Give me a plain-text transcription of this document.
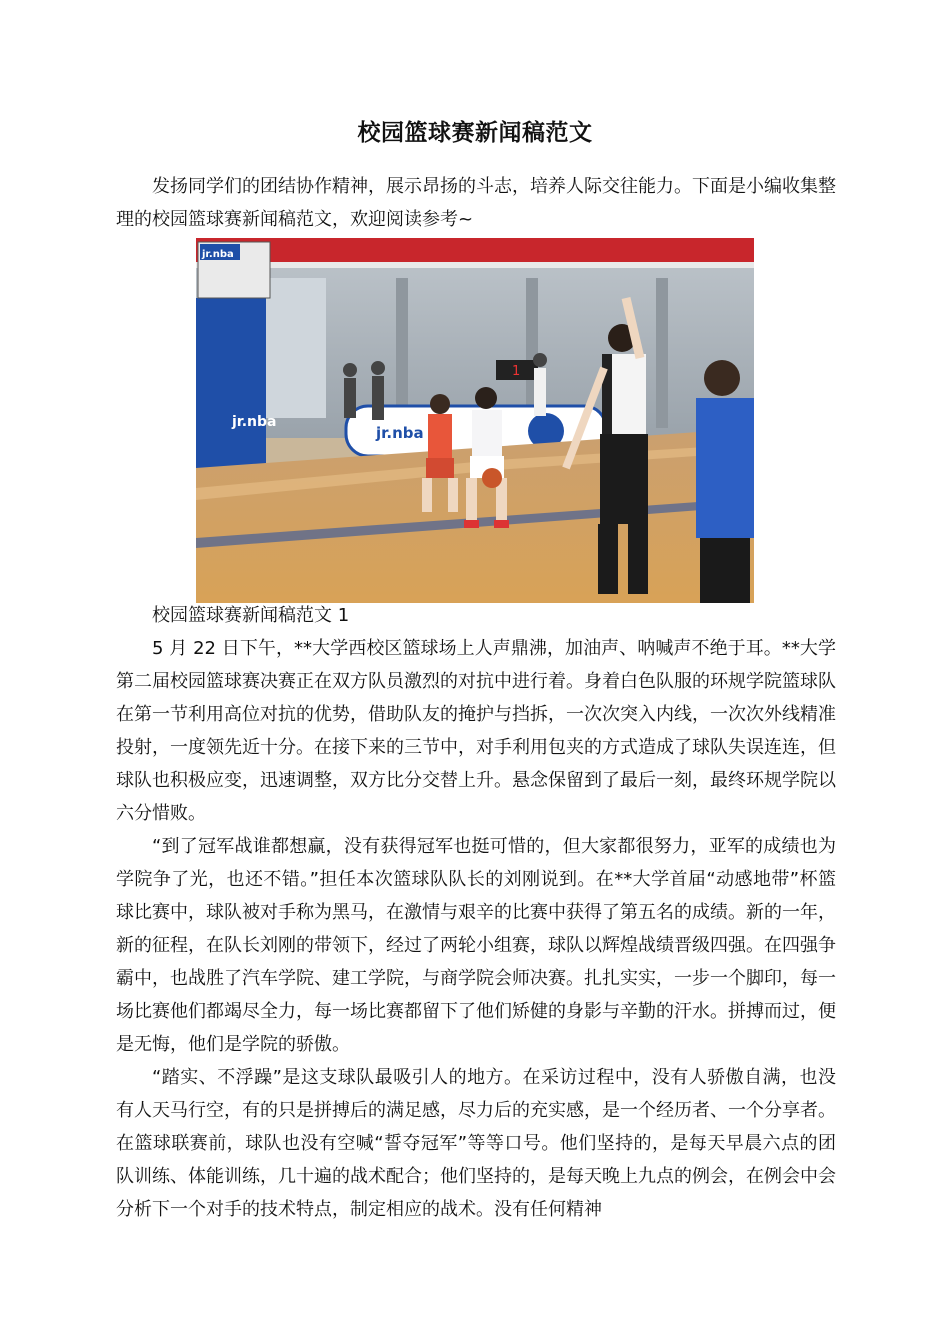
校园篮球赛新闻稿范文

发扬同学们的团结协作精神，展示昂扬的斗志，培养人际交往能力。下面是小编收集整理的校园篮球赛新闻稿范文，欢迎阅读参考~

jr.nba
jr.nba
jr.nba
1

校园篮球赛新闻稿范文 1

5 月 22 日下午，**大学西校区篮球场上人声鼎沸，加油声、呐喊声不绝于耳。**大学第二届校园篮球赛决赛正在双方队员激烈的对抗中进行着。身着白色队服的环规学院篮球队在第一节利用高位对抗的优势，借助队友的掩护与挡拆，一次次突入内线，一次次外线精准投射，一度领先近十分。在接下来的三节中，对手利用包夹的方式造成了球队失误连连，但球队也积极应变，迅速调整，双方比分交替上升。悬念保留到了最后一刻，最终环规学院以六分惜败。

“到了冠军战谁都想赢，没有获得冠军也挺可惜的，但大家都很努力，亚军的成绩也为学院争了光，也还不错。”担任本次篮球队队长的刘刚说到。在**大学首届“动感地带”杯篮球比赛中，球队被对手称为黑马，在激情与艰辛的比赛中获得了第五名的成绩。新的一年，新的征程，在队长刘刚的带领下，经过了两轮小组赛，球队以辉煌战绩晋级四强。在四强争霸中，也战胜了汽车学院、建工学院，与商学院会师决赛。扎扎实实，一步一个脚印，每一场比赛他们都竭尽全力，每一场比赛都留下了他们矫健的身影与辛勤的汗水。拼搏而过，便是无悔，他们是学院的骄傲。

“踏实、不浮躁”是这支球队最吸引人的地方。在采访过程中，没有人骄傲自满，也没有人天马行空，有的只是拼搏后的满足感，尽力后的充实感，是一个经历者、一个分享者。在篮球联赛前，球队也没有空喊“誓夺冠军”等等口号。他们坚持的，是每天早晨六点的团队训练、体能训练，几十遍的战术配合；他们坚持的，是每天晚上九点的例会，在例会中会分析下一个对手的技术特点，制定相应的战术。没有任何精神
